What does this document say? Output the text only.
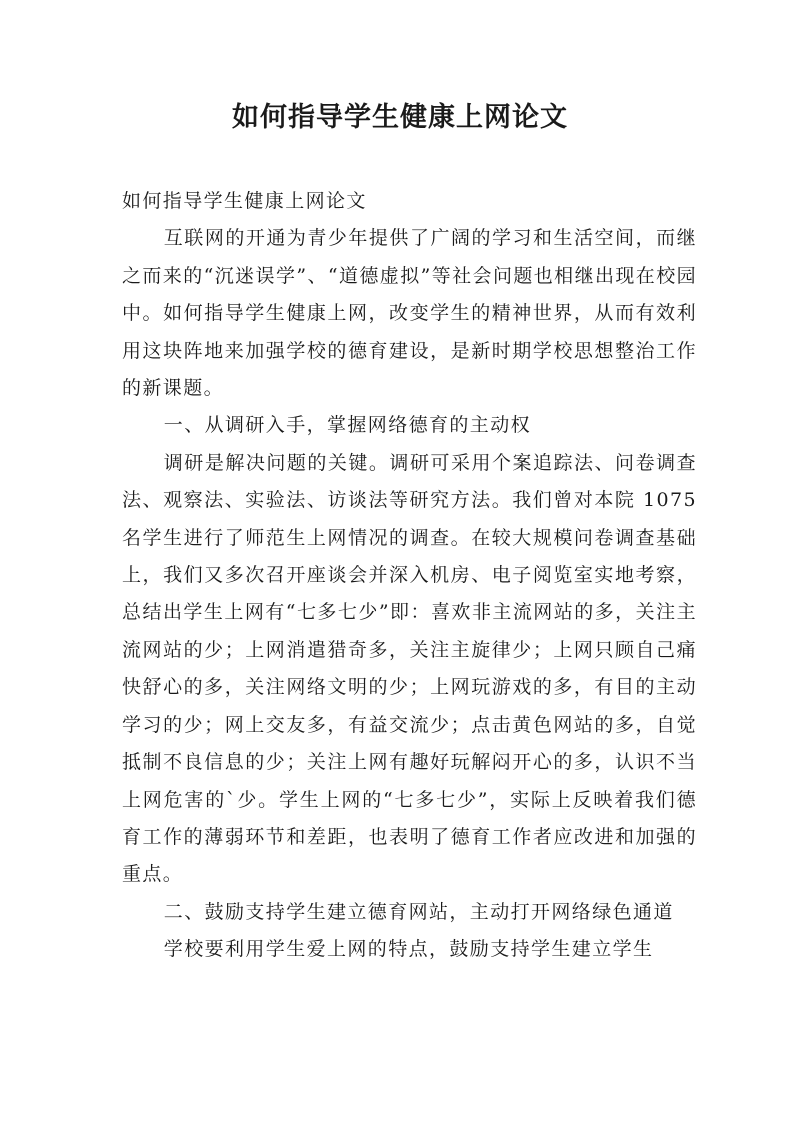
如何指导学生健康上网论文

如何指导学生健康上网论文

互联网的开通为青少年提供了广阔的学习和生活空间，而继之而来的“沉迷误学”、“道德虚拟”等社会问题也相继出现在校园中。如何指导学生健康上网，改变学生的精神世界，从而有效利用这块阵地来加强学校的德育建设，是新时期学校思想整治工作的新课题。

一、从调研入手，掌握网络德育的主动权

调研是解决问题的关键。调研可采用个案追踪法、问卷调查法、观察法、实验法、访谈法等研究方法。我们曾对本院 1075 名学生进行了师范生上网情况的调查。在较大规模问卷调查基础上，我们又多次召开座谈会并深入机房、电子阅览室实地考察，总结出学生上网有“七多七少”即：喜欢非主流网站的多，关注主流网站的少；上网消遣猎奇多，关注主旋律少；上网只顾自己痛快舒心的多，关注网络文明的少；上网玩游戏的多，有目的主动学习的少；网上交友多，有益交流少；点击黄色网站的多，自觉抵制不良信息的少；关注上网有趣好玩解闷开心的多，认识不当上网危害的`少。学生上网的“七多七少”，实际上反映着我们德育工作的薄弱环节和差距，也表明了德育工作者应改进和加强的重点。

二、鼓励支持学生建立德育网站，主动打开网络绿色通道

学校要利用学生爱上网的特点，鼓励支持学生建立学生
